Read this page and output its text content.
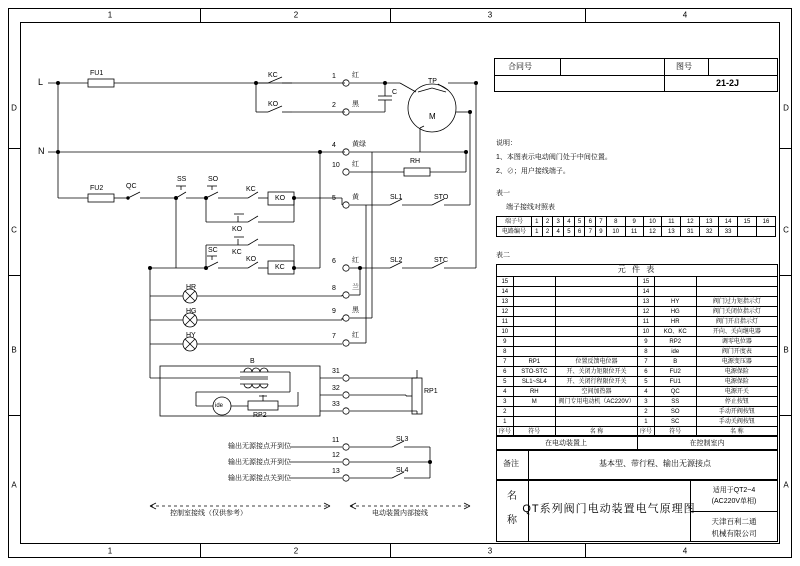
1	2	3	4
1	2	3	4
D
C
B
A
D
C
B
A
合同号	图号
21-2J
说明：
1、本图表示电动阀门处于中间位置。
2、⊘；用户接线端子。
表一
端子接线对照表
端子号	1	2	3	4	5	6	7	8	9	10	11	12	13	14	15	16
电路编号	1	2	4	5	6	7	9	10	11	12	13	31	32	33		
表二
元 件 表
15			15		
14			14		
13			13	HY	阀门过力矩指示灯
12			12	HG	阀门关闭位指示灯
11			11	HR	阀门开启指示灯
10			10	KO、KC	开向、关向继电器
9			9	RP2	调零电位器
8			8	ide	阀门开度表
7	RP1	位置反馈电位器	7	B	电源变压器
6	STO-STC	开、关闭力矩限位开关	6	FU2	电源保险
5	SL1~SL4	开、关闭行程限位开关	5	FU1	电源保险
4	RH	空间加热器	4	QC	电源开关
3	M	阀门专用电动机（AC220V）	3	SS	停止按钮
2			2	SO	手动开阀按钮
1			1	SC	手动关阀按钮
序号	符号	名 称	序号	符号	名 称
在电动装置上	在控制室内
备注	基本型、带行程、输出无源接点
名
称
QT系列阀门电动装置电气原理图
适用于QT2~4
(AC220V单相)
天津百利二通
机械有限公司
L
N
FU1
FU2	QC
SS	SO
SC
KC
KO
KC
KO
KO
KO
KC
KC
RH
SL1	STO
SL2	STC
HR
HG
HY
B
ide
RP2
RP1
TP
M
C
SL3
SL4
1 红
2 黑
4 黄绿
10 红
5 黄
6 红
8 兰
9 黑
7 红
31
32
33
11
12
13
输出无源接点开到位
输出无源接点开到位
输出无源接点关到位
控制室接线（仅供参考）	电动装置内部接线
